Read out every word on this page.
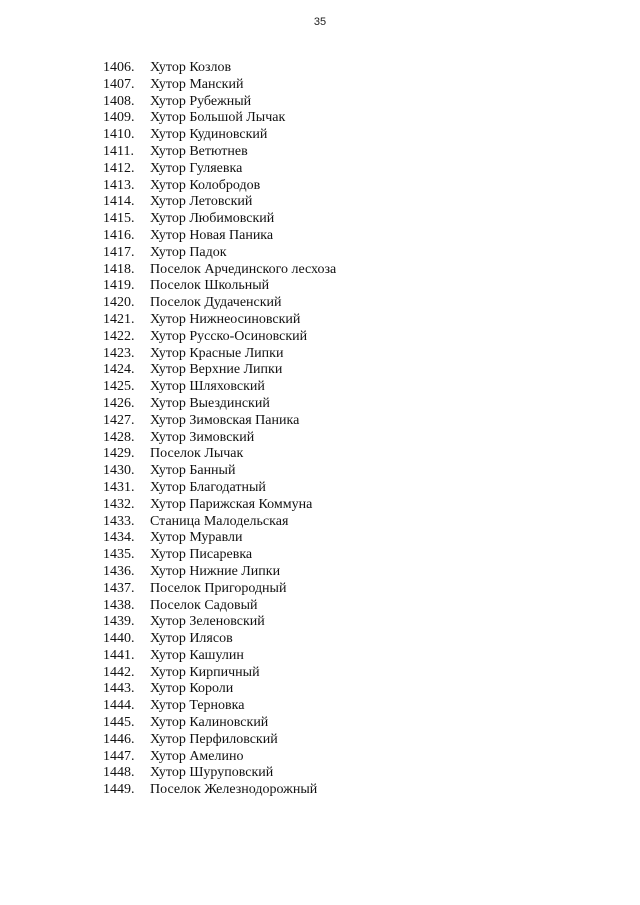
35
1406.	Хутор Козлов
1407.	Хутор Манский
1408.	Хутор Рубежный
1409.	Хутор Большой Лычак
1410.	Хутор Кудиновский
1411.	Хутор Ветютнев
1412.	Хутор Гуляевка
1413.	Хутор Колобродов
1414.	Хутор Летовский
1415.	Хутор Любимовский
1416.	Хутор Новая Паника
1417.	Хутор Падок
1418.	Поселок Арчединского лесхоза
1419.	Поселок Школьный
1420.	Поселок Дудаченский
1421.	Хутор Нижнеосиновский
1422.	Хутор Русско-Осиновский
1423.	Хутор Красные Липки
1424.	Хутор Верхние Липки
1425.	Хутор Шляховский
1426.	Хутор Выездинский
1427.	Хутор Зимовская Паника
1428.	Хутор Зимовский
1429.	Поселок Лычак
1430.	Хутор Банный
1431.	Хутор Благодатный
1432.	Хутор Парижская Коммуна
1433.	Станица Малодельская
1434.	Хутор Муравли
1435.	Хутор Писаревка
1436.	Хутор Нижние Липки
1437.	Поселок Пригородный
1438.	Поселок Садовый
1439.	Хутор Зеленовский
1440.	Хутор Илясов
1441.	Хутор Кашулин
1442.	Хутор Кирпичный
1443.	Хутор Короли
1444.	Хутор Терновка
1445.	Хутор Калиновский
1446.	Хутор Перфиловский
1447.	Хутор Амелино
1448.	Хутор Шуруповский
1449.	Поселок Железнодорожный
